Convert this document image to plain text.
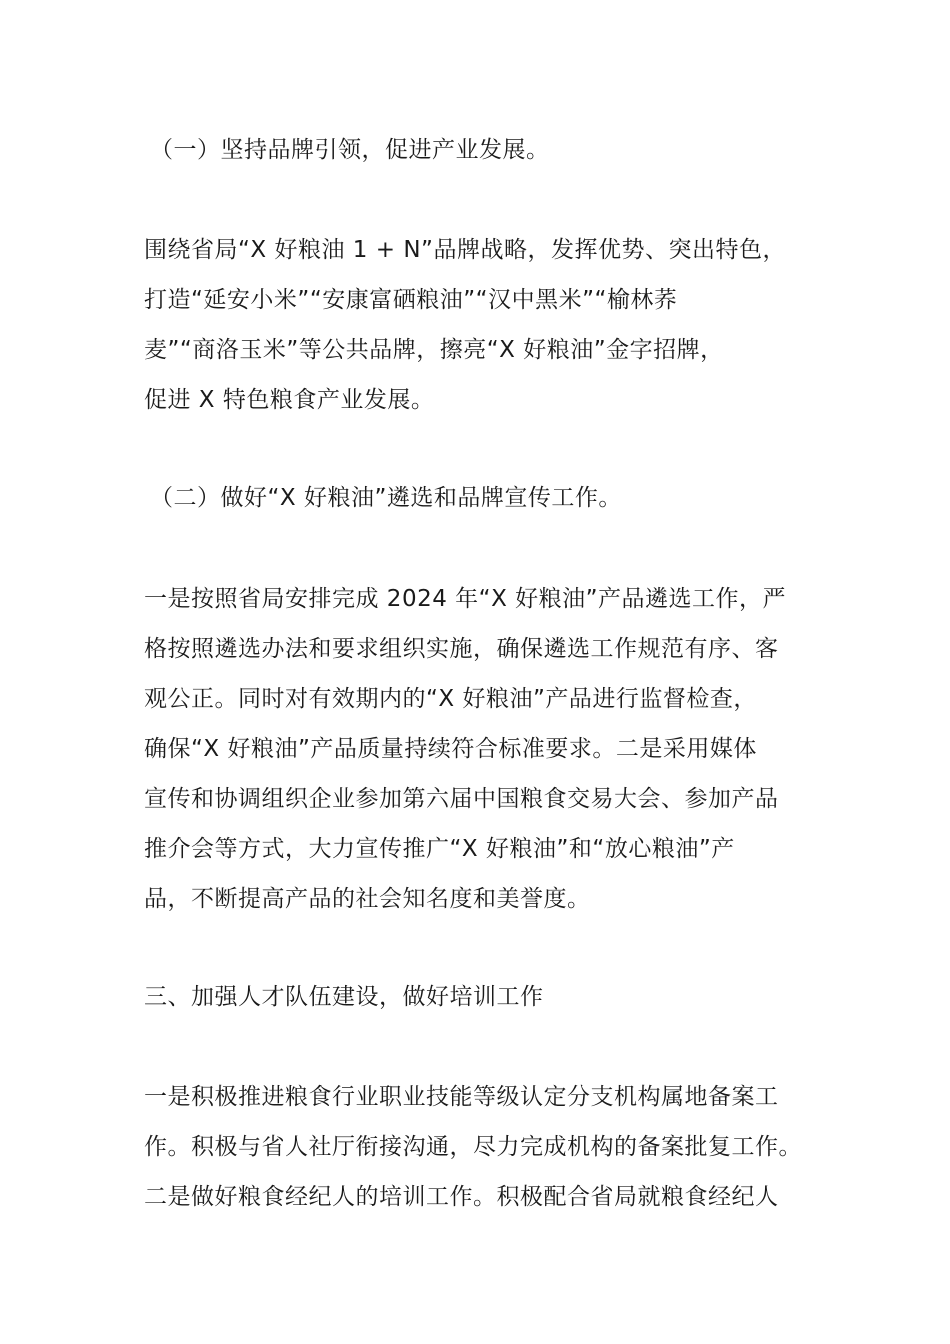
（一）坚持品牌引领，促进产业发展。

围绕省局“X 好粮油 1 + N”品牌战略，发挥优势、突出特色，
打造“延安小米”“安康富硒粮油”“汉中黑米”“榆林荞
麦”“商洛玉米”等公共品牌，擦亮“X 好粮油”金字招牌，
促进 X 特色粮食产业发展。

（二）做好“X 好粮油”遴选和品牌宣传工作。

一是按照省局安排完成 2024 年“X 好粮油”产品遴选工作，严
格按照遴选办法和要求组织实施，确保遴选工作规范有序、客
观公正。同时对有效期内的“X 好粮油”产品进行监督检查，
确保“X 好粮油”产品质量持续符合标准要求。二是采用媒体
宣传和协调组织企业参加第六届中国粮食交易大会、参加产品
推介会等方式，大力宣传推广“X 好粮油”和“放心粮油”产
品，不断提高产品的社会知名度和美誉度。

三、加强人才队伍建设，做好培训工作

一是积极推进粮食行业职业技能等级认定分支机构属地备案工
作。积极与省人社厅衔接沟通，尽力完成机构的备案批复工作。
二是做好粮食经纪人的培训工作。积极配合省局就粮食经纪人
